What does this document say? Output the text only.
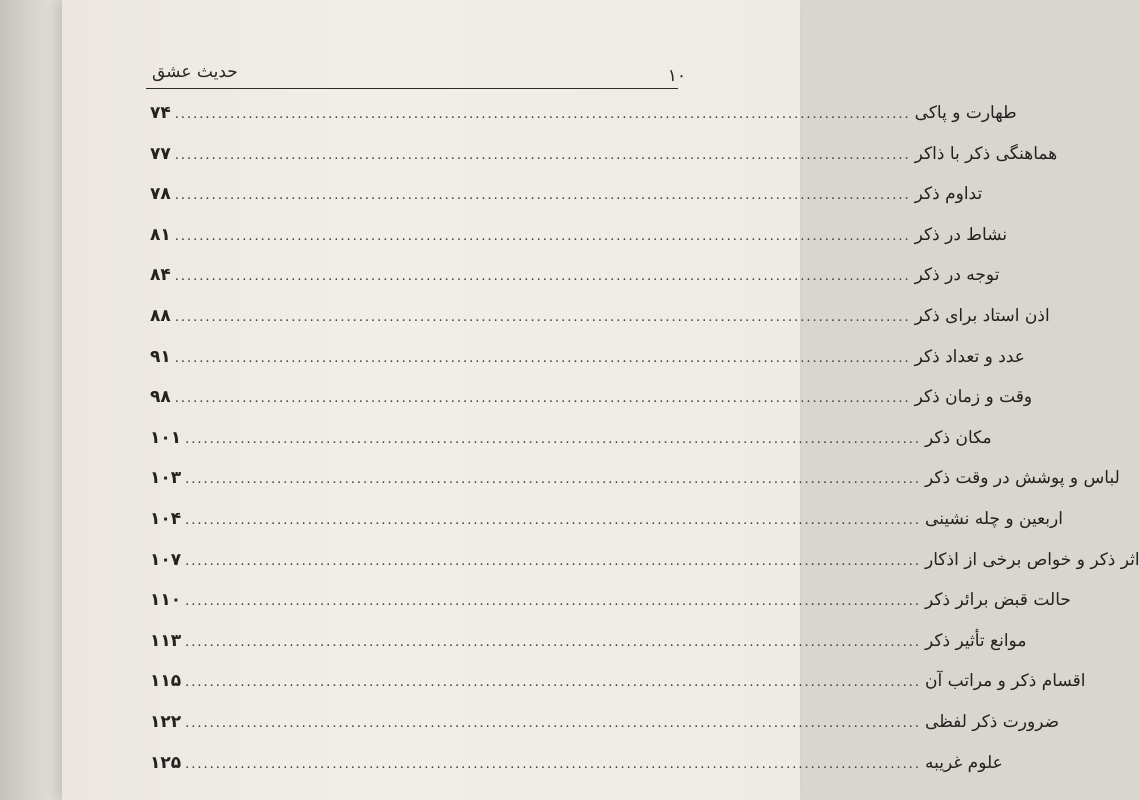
حدیث عشق	۱۰
۷۴ ........................................................................................................................ طهارت و پاکی
۷۷ ........................................................................................................................ هماهنگی ذکر با ذاکر
۷۸ ........................................................................................................................ تداوم ذکر
۸۱ ........................................................................................................................ نشاط در ذکر
۸۴ ........................................................................................................................ توجه در ذکر
۸۸ ........................................................................................................................ اذن استاد برای ذکر
۹۱ ........................................................................................................................ عدد و تعداد ذکر
۹۸ ........................................................................................................................ وقت و زمان ذکر
۱۰۱ ........................................................................................................................ مکان ذکر
۱۰۳ ........................................................................................................................ لباس و پوشش در وقت ذکر
۱۰۴ ........................................................................................................................ اربعین و چله نشینی
۱۰۷ ........................................................................................................................ اثر ذکر و خواص برخی از اذکار
۱۱۰ ........................................................................................................................ حالت قبض برائر ذکر
۱۱۳ ........................................................................................................................ موانع تأثیر ذکر
۱۱۵ ........................................................................................................................ اقسام ذکر و مراتب آن
۱۲۲ ........................................................................................................................ ضرورت ذکر لفظی
۱۲۵ ........................................................................................................................ علوم غریبه
